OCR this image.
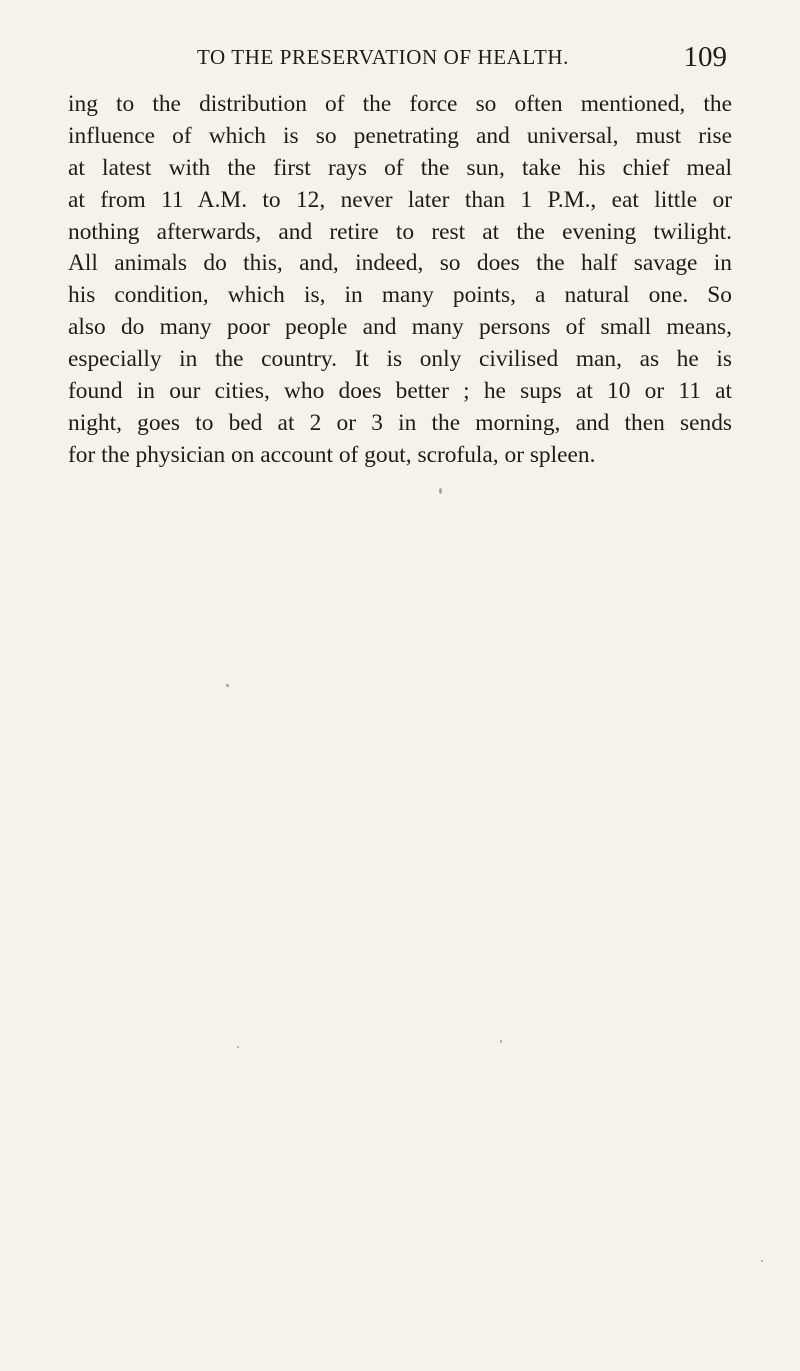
TO THE PRESERVATION OF HEALTH.	109
ing to the distribution of the force so often mentioned, the
influence of which is so penetrating and universal, must rise
at latest with the first rays of the sun, take his chief meal
at from 11 A.M. to 12, never later than 1 P.M., eat little or
nothing afterwards, and retire to rest at the evening twilight.
All animals do this, and, indeed, so does the half savage in
his condition, which is, in many points, a natural one. So
also do many poor people and many persons of small means,
especially in the country. It is only civilised man, as he is
found in our cities, who does better ; he sups at 10 or 11 at
night, goes to bed at 2 or 3 in the morning, and then sends
for the physician on account of gout, scrofula, or spleen.
